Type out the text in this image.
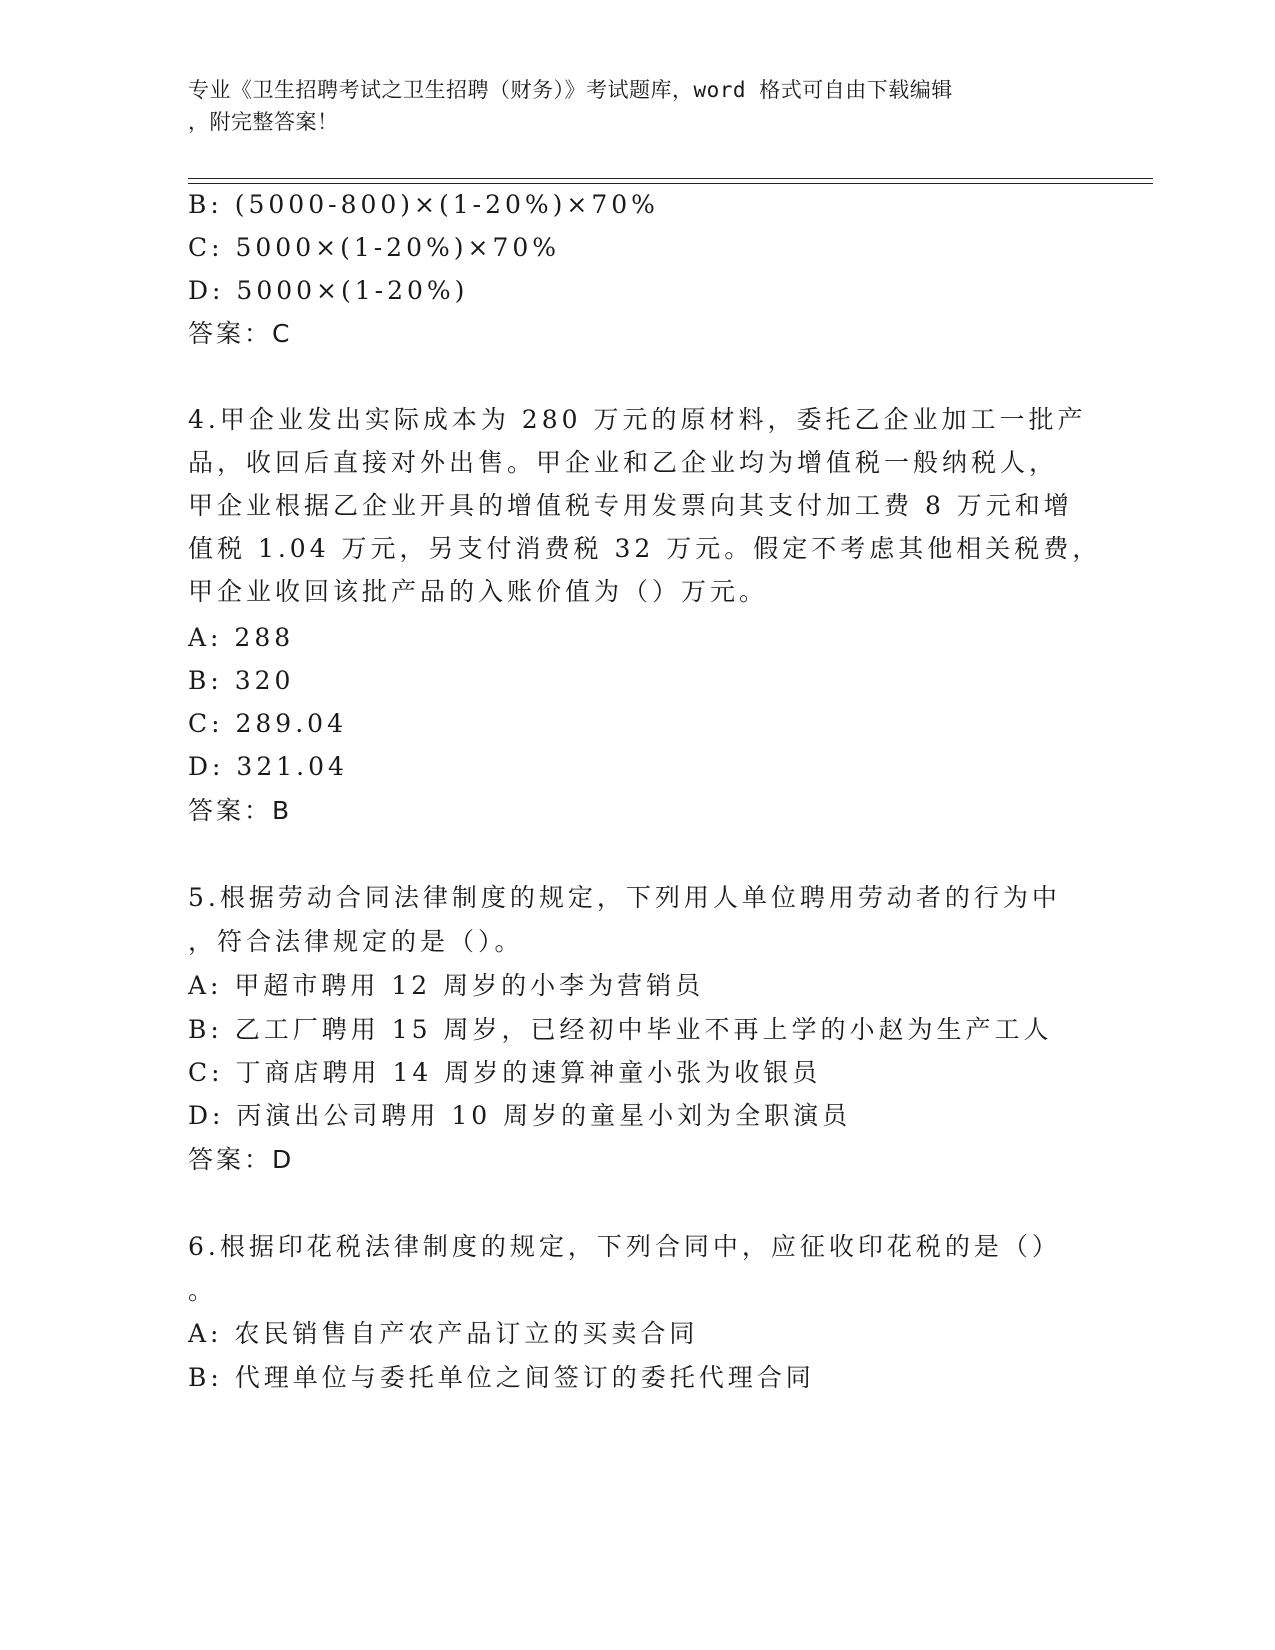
专业《卫生招聘考试之卫生招聘（财务）》考试题库，word 格式可自由下载编辑
，附完整答案！
B: (5000-800)×(1-20%)×70%
C: 5000×(1-20%)×70%
D: 5000×(1-20%)
答案：C
4.甲企业发出实际成本为 280 万元的原材料，委托乙企业加工一批产
品，收回后直接对外出售。甲企业和乙企业均为增值税一般纳税人，
甲企业根据乙企业开具的增值税专用发票向其支付加工费 8 万元和增
值税 1.04 万元，另支付消费税 32 万元。假定不考虑其他相关税费，
甲企业收回该批产品的入账价值为（）万元。
A: 288
B: 320
C: 289.04
D: 321.04
答案：B
5.根据劳动合同法律制度的规定，下列用人单位聘用劳动者的行为中
，符合法律规定的是（）。
A: 甲超市聘用 12 周岁的小李为营销员
B: 乙工厂聘用 15 周岁，已经初中毕业不再上学的小赵为生产工人
C: 丁商店聘用 14 周岁的速算神童小张为收银员
D: 丙演出公司聘用 10 周岁的童星小刘为全职演员
答案：D
6.根据印花税法律制度的规定，下列合同中，应征收印花税的是（）
。
A: 农民销售自产农产品订立的买卖合同
B: 代理单位与委托单位之间签订的委托代理合同
